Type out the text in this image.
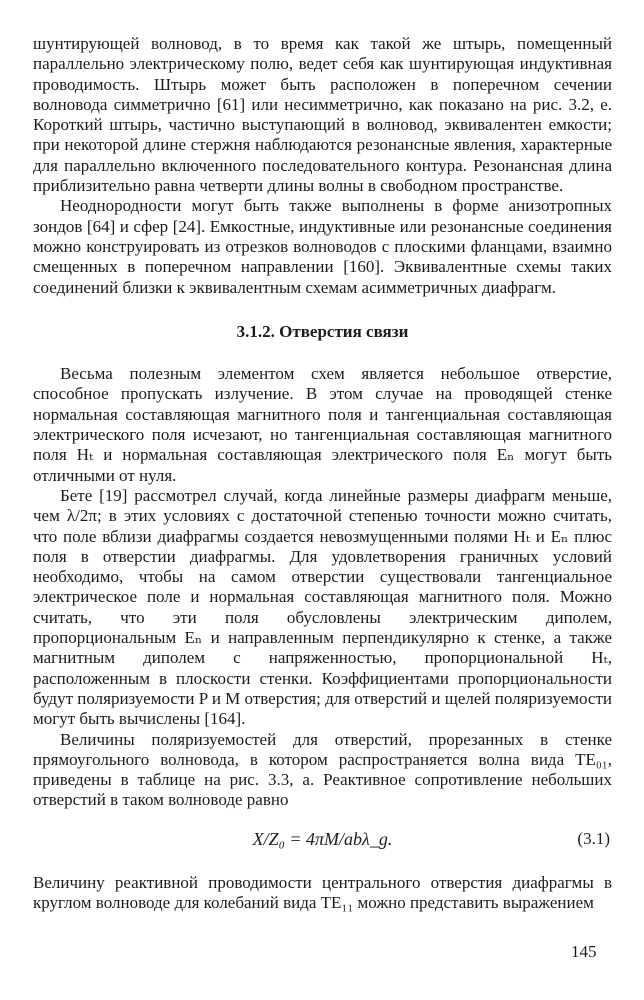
шунтирующей волновод, в то время как такой же штырь, помещенный параллельно электрическому полю, ведет себя как шунтирующая индуктивная проводимость. Штырь может быть расположен в поперечном сечении волновода симметрично [61] или несимметрично, как показано на рис. 3.2, е. Короткий штырь, частично выступающий в волновод, эквивалентен емкости; при некоторой длине стержня наблюдаются резонансные явления, характерные для параллельно включенного последовательного контура. Резонансная длина приблизительно равна четверти длины волны в свободном пространстве.

Неоднородности могут быть также выполнены в форме анизотропных зондов [64] и сфер [24]. Емкостные, индуктивные или резонансные соединения можно конструировать из отрезков волноводов с плоскими фланцами, взаимно смещенных в поперечном направлении [160]. Эквивалентные схемы таких соединений близки к эквивалентным схемам асимметричных диафрагм.

3.1.2. Отверстия связи

Весьма полезным элементом схем является небольшое отверстие, способное пропускать излучение. В этом случае на проводящей стенке нормальная составляющая магнитного поля и тангенциальная составляющая электрического поля исчезают, но тангенциальная составляющая магнитного поля Hₜ и нормальная составляющая электрического поля Eₙ могут быть отличными от нуля.

Бете [19] рассмотрел случай, когда линейные размеры диафрагм меньше, чем λ/2π; в этих условиях с достаточной степенью точности можно считать, что поле вблизи диафрагмы создается невозмущенными полями Hₜ и Eₙ плюс поля в отверстии диафрагмы. Для удовлетворения граничных условий необходимо, чтобы на самом отверстии существовали тангенциальное электрическое поле и нормальная составляющая магнитного поля. Можно считать, что эти поля обусловлены электрическим диполем, пропорциональным Eₙ и направленным перпендикулярно к стенке, а также магнитным диполем с напряженностью, пропорциональной Hₜ, расположенным в плоскости стенки. Коэффициентами пропорциональности будут поляризуемости P и M отверстия; для отверстий и щелей поляризуемости могут быть вычислены [164].

Величины поляризуемостей для отверстий, прорезанных в стенке прямоугольного волновода, в котором распространяется волна вида TE₀₁, приведены в таблице на рис. 3.3, а. Реактивное сопротивление небольших отверстий в таком волноводе равно

X/Z₀ = 4πM/abλ_g.	(3.1)

Величину реактивной проводимости центрального отверстия диафрагмы в круглом волноводе для колебаний вида TE₁₁ можно представить выражением

145
